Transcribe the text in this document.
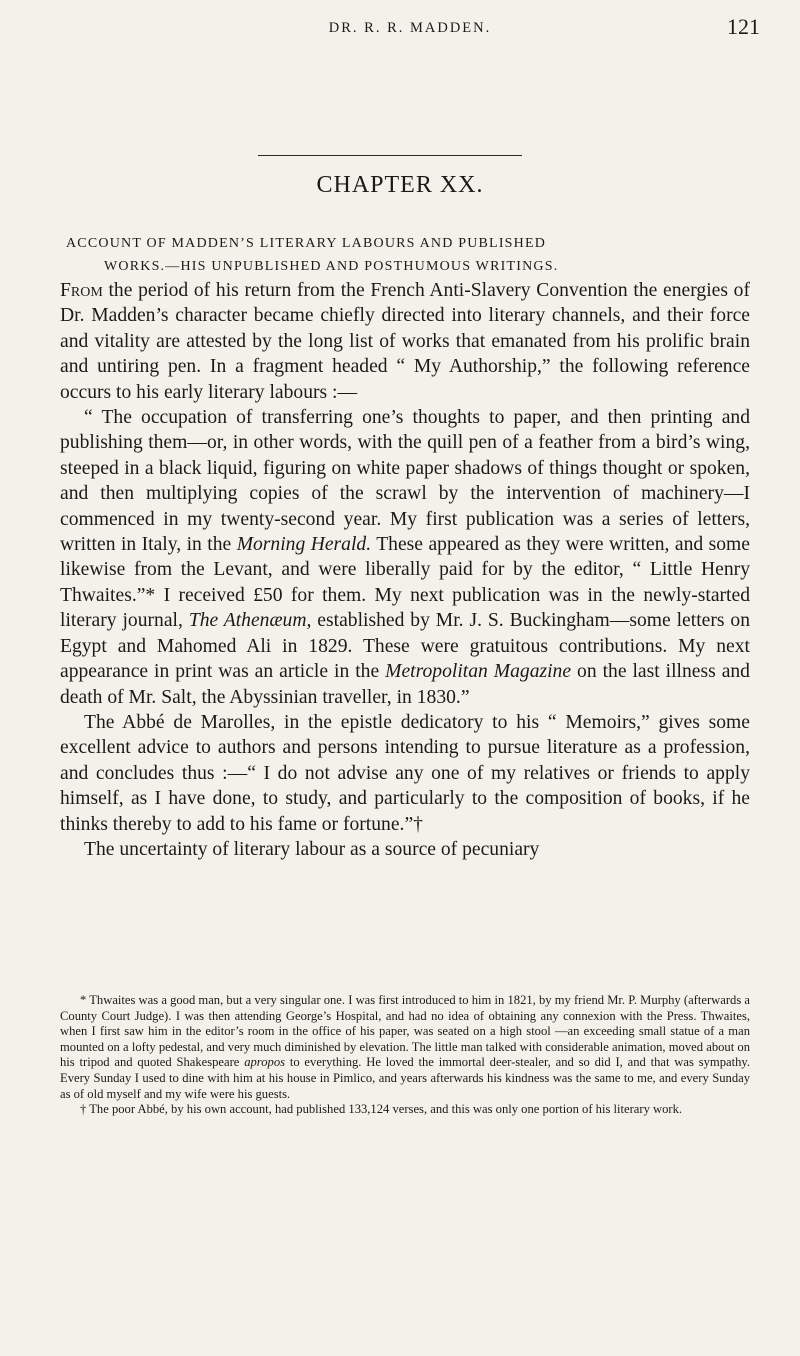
DR. R. R. MADDEN.	121
CHAPTER XX.
ACCOUNT OF MADDEN’S LITERARY LABOURS AND PUBLISHED
WORKS.—HIS UNPUBLISHED AND POSTHUMOUS WRITINGS.

From the period of his return from the French Anti-Slavery Convention the energies of Dr. Madden’s character became chiefly directed into literary channels, and their force and vitality are attested by the long list of works that emanated from his prolific brain and untiring pen. In a fragment headed “ My Authorship,” the following reference occurs to his early literary labours :—

“ The occupation of transferring one’s thoughts to paper, and then printing and publishing them—or, in other words, with the quill pen of a feather from a bird’s wing, steeped in a black liquid, figuring on white paper shadows of things thought or spoken, and then multiplying copies of the scrawl by the intervention of machinery—I commenced in my twenty-second year. My first publication was a series of letters, written in Italy, in the Morning Herald. These appeared as they were written, and some likewise from the Levant, and were liberally paid for by the editor, “ Little Henry Thwaites.”* I received £50 for them. My next publication was in the newly-started literary journal, The Athenæum, established by Mr. J. S. Buckingham—some letters on Egypt and Mahomed Ali in 1829. These were gratuitous contributions. My next appearance in print was an article in the Metropolitan Magazine on the last illness and death of Mr. Salt, the Abyssinian traveller, in 1830.”

The Abbé de Marolles, in the epistle dedicatory to his “ Memoirs,” gives some excellent advice to authors and persons intending to pursue literature as a profession, and concludes thus :—“ I do not advise any one of my relatives or friends to apply himself, as I have done, to study, and particularly to the composition of books, if he thinks thereby to add to his fame or fortune.”†

The uncertainty of literary labour as a source of pecuniary

* Thwaites was a good man, but a very singular one. I was first introduced to him in 1821, by my friend Mr. P. Murphy (afterwards a County Court Judge). I was then attending George’s Hospital, and had no idea of obtaining any connexion with the Press. Thwaites, when I first saw him in the editor’s room in the office of his paper, was seated on a high stool —an exceeding small statue of a man mounted on a lofty pedestal, and very much diminished by elevation. The little man talked with considerable animation, moved about on his tripod and quoted Shakespeare apropos to everything. He loved the immortal deer-stealer, and so did I, and that was sympathy. Every Sunday I used to dine with him at his house in Pimlico, and years afterwards his kindness was the same to me, and every Sunday as of old myself and my wife were his guests.

† The poor Abbé, by his own account, had published 133,124 verses, and this was only one portion of his literary work.
